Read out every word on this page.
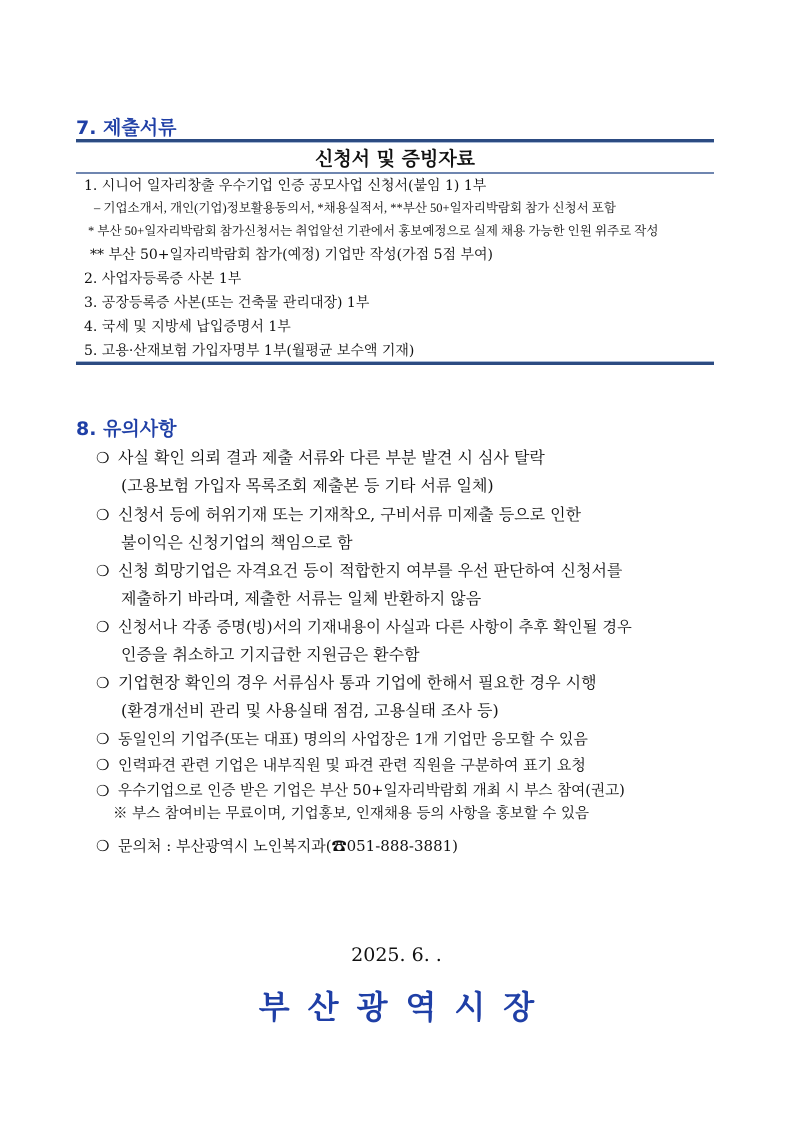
7. 제출서류
신청서 및 증빙자료
1. 시니어 일자리창출 우수기업 인증 공모사업 신청서(붙임 1) 1부
– 기업소개서, 개인(기업)정보활용동의서, *채용실적서, **부산 50+일자리박람회 참가 신청서 포함
* 부산 50+일자리박람회 참가신청서는 취업알선 기관에서 홍보예정으로 실제 채용 가능한 인원 위주로 작성
** 부산 50+일자리박람회 참가(예정) 기업만 작성(가점 5점 부여)
2. 사업자등록증 사본 1부
3. 공장등록증 사본(또는 건축물 관리대장) 1부
4. 국세 및 지방세 납입증명서 1부
5. 고용·산재보험 가입자명부 1부(월평균 보수액 기재)
8. 유의사항
❍ 사실 확인 의뢰 결과 제출 서류와 다른 부분 발견 시 심사 탈락
(고용보험 가입자 목록조회 제출본 등 기타 서류 일체)
❍ 신청서 등에 허위기재 또는 기재착오, 구비서류 미제출 등으로 인한
불이익은 신청기업의 책임으로 함
❍ 신청 희망기업은 자격요건 등이 적합한지 여부를 우선 판단하여 신청서를
제출하기 바라며, 제출한 서류는 일체 반환하지 않음
❍ 신청서나 각종 증명(빙)서의 기재내용이 사실과 다른 사항이 추후 확인될 경우
인증을 취소하고 기지급한 지원금은 환수함
❍ 기업현장 확인의 경우 서류심사 통과 기업에 한해서 필요한 경우 시행
(환경개선비 관리 및 사용실태 점검, 고용실태 조사 등)
❍ 동일인의 기업주(또는 대표) 명의의 사업장은 1개 기업만 응모할 수 있음
❍ 인력파견 관련 기업은 내부직원 및 파견 관련 직원을 구분하여 표기 요청
❍ 우수기업으로 인증 받은 기업은 부산 50+일자리박람회 개최 시 부스 참여(권고)
※ 부스 참여비는 무료이며, 기업홍보, 인재채용 등의 사항을 홍보할 수 있음
❍ 문의처 : 부산광역시 노인복지과(☎051-888-3881)
2025. 6. .
부산광역시장
